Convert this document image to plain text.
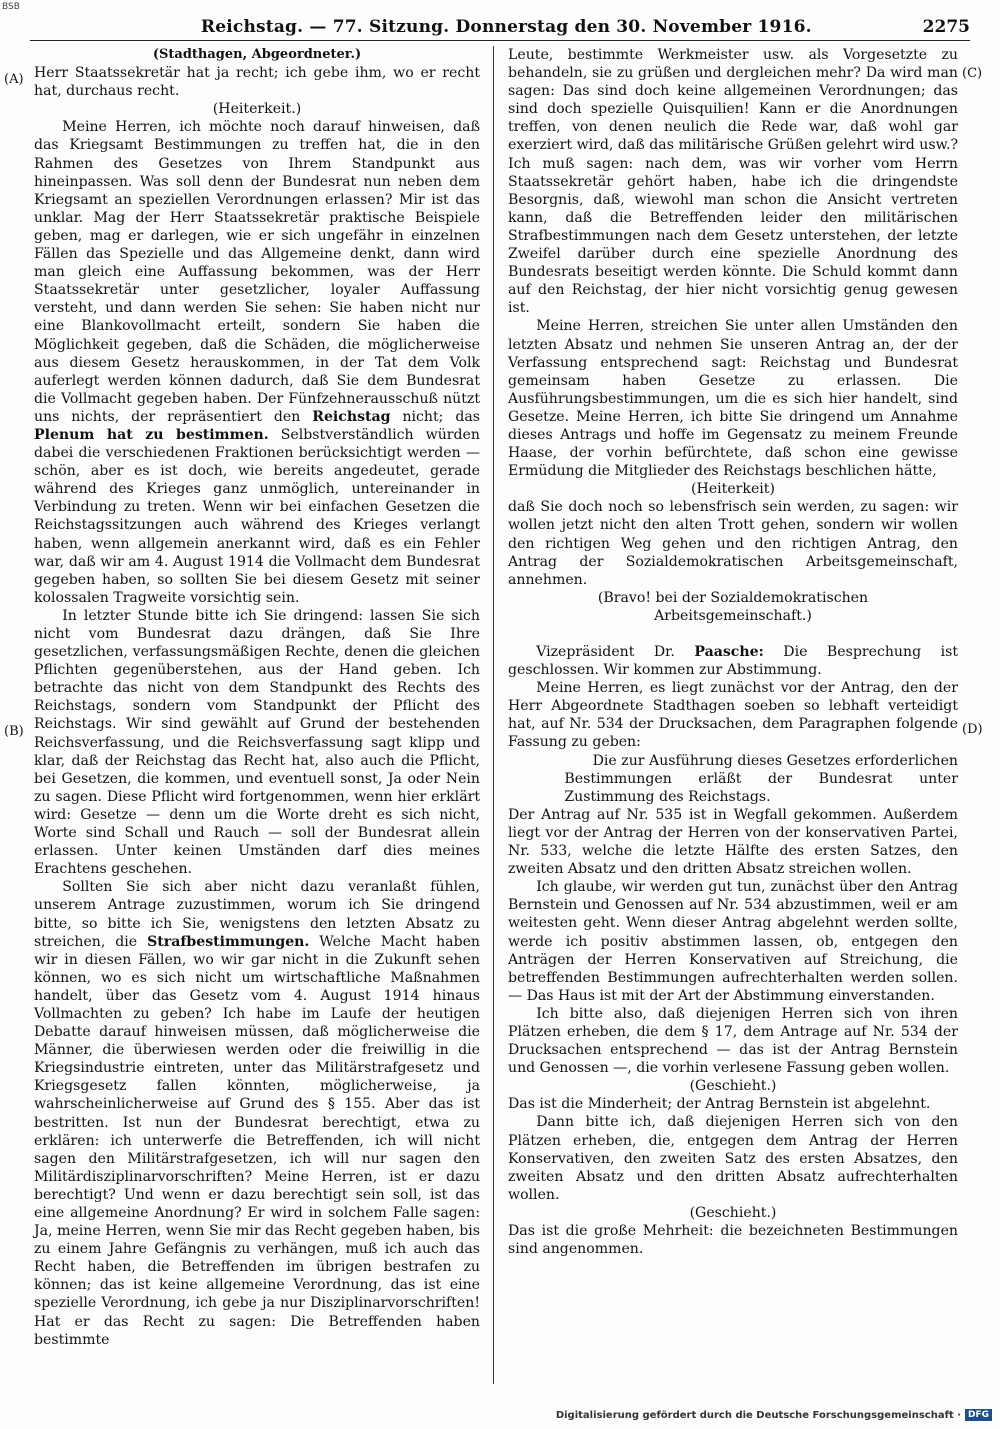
BSB
Reichstag. — 77. Sitzung. Donnerstag den 30. November 1916.	2275
(A)
(B)
(C)
(D)

(Stadthagen, Abgeordneter.)

Herr Staatssekretär hat ja recht; ich gebe ihm, wo er recht hat, durchaus recht.

(Heiterkeit.)

Meine Herren, ich möchte noch darauf hinweisen, daß das Kriegsamt Bestimmungen zu treffen hat, die in den Rahmen des Gesetzes von Ihrem Standpunkt aus hineinpassen. Was soll denn der Bundesrat nun neben dem Kriegsamt an speziellen Verordnungen erlassen? Mir ist das unklar. Mag der Herr Staatssekretär praktische Beispiele geben, mag er darlegen, wie er sich ungefähr in einzelnen Fällen das Spezielle und das Allgemeine denkt, dann wird man gleich eine Auffassung bekommen, was der Herr Staatssekretär unter gesetzlicher, loyaler Auffassung versteht, und dann werden Sie sehen: Sie haben nicht nur eine Blankovollmacht erteilt, sondern Sie haben die Möglichkeit gegeben, daß die Schäden, die möglicherweise aus diesem Gesetz herauskommen, in der Tat dem Volk auferlegt werden können dadurch, daß Sie dem Bundesrat die Vollmacht gegeben haben. Der Fünfzehnerausschuß nützt uns nichts, der repräsentiert den Reichstag nicht; das Plenum hat zu bestimmen. Selbstverständlich würden dabei die verschiedenen Fraktionen berücksichtigt werden — schön, aber es ist doch, wie bereits angedeutet, gerade während des Krieges ganz unmöglich, untereinander in Verbindung zu treten. Wenn wir bei einfachen Gesetzen die Reichstagssitzungen auch während des Krieges verlangt haben, wenn allgemein anerkannt wird, daß es ein Fehler war, daß wir am 4. August 1914 die Vollmacht dem Bundesrat gegeben haben, so sollten Sie bei diesem Gesetz mit seiner kolossalen Tragweite vorsichtig sein.

In letzter Stunde bitte ich Sie dringend: lassen Sie sich nicht vom Bundesrat dazu drängen, daß Sie Ihre gesetzlichen, verfassungsmäßigen Rechte, denen die gleichen Pflichten gegenüberstehen, aus der Hand geben. Ich betrachte das nicht von dem Standpunkt des Rechts des Reichstags, sondern vom Standpunkt der Pflicht des Reichstags. Wir sind gewählt auf Grund der bestehenden Reichsverfassung, und die Reichsverfassung sagt klipp und klar, daß der Reichstag das Recht hat, also auch die Pflicht, bei Gesetzen, die kommen, und eventuell sonst, Ja oder Nein zu sagen. Diese Pflicht wird fortgenommen, wenn hier erklärt wird: Gesetze — denn um die Worte dreht es sich nicht, Worte sind Schall und Rauch — soll der Bundesrat allein erlassen. Unter keinen Umständen darf dies meines Erachtens geschehen.

Sollten Sie sich aber nicht dazu veranlaßt fühlen, unserem Antrage zuzustimmen, worum ich Sie dringend bitte, so bitte ich Sie, wenigstens den letzten Absatz zu streichen, die Strafbestimmungen. Welche Macht haben wir in diesen Fällen, wo wir gar nicht in die Zukunft sehen können, wo es sich nicht um wirtschaftliche Maßnahmen handelt, über das Gesetz vom 4. August 1914 hinaus Vollmachten zu geben? Ich habe im Laufe der heutigen Debatte darauf hinweisen müssen, daß möglicherweise die Männer, die überwiesen werden oder die freiwillig in die Kriegsindustrie eintreten, unter das Militärstrafgesetz und Kriegsgesetz fallen könnten, möglicherweise, ja wahrscheinlicherweise auf Grund des § 155. Aber das ist bestritten. Ist nun der Bundesrat berechtigt, etwa zu erklären: ich unterwerfe die Betreffenden, ich will nicht sagen den Militärstrafgesetzen, ich will nur sagen den Militärdisziplinarvorschriften? Meine Herren, ist er dazu berechtigt? Und wenn er dazu berechtigt sein soll, ist das eine allgemeine Anordnung? Er wird in solchem Falle sagen: Ja, meine Herren, wenn Sie mir das Recht gegeben haben, bis zu einem Jahre Gefängnis zu verhängen, muß ich auch das Recht haben, die Betreffenden im übrigen bestrafen zu können; das ist keine allgemeine Verordnung, das ist eine spezielle Verordnung, ich gebe ja nur Disziplinarvorschriften! Hat er das Recht zu sagen: Die Betreffenden haben bestimmte

Leute, bestimmte Werkmeister usw. als Vorgesetzte zu behandeln, sie zu grüßen und dergleichen mehr? Da wird man sagen: Das sind doch keine allgemeinen Verordnungen; das sind doch spezielle Quisquilien! Kann er die Anordnungen treffen, von denen neulich die Rede war, daß wohl gar exerziert wird, daß das militärische Grüßen gelehrt wird usw.? Ich muß sagen: nach dem, was wir vorher vom Herrn Staatssekretär gehört haben, habe ich die dringendste Besorgnis, daß, wiewohl man schon die Ansicht vertreten kann, daß die Betreffenden leider den militärischen Strafbestimmungen nach dem Gesetz unterstehen, der letzte Zweifel darüber durch eine spezielle Anordnung des Bundesrats beseitigt werden könnte. Die Schuld kommt dann auf den Reichstag, der hier nicht vorsichtig genug gewesen ist.

Meine Herren, streichen Sie unter allen Umständen den letzten Absatz und nehmen Sie unseren Antrag an, der der Verfassung entsprechend sagt: Reichstag und Bundesrat gemeinsam haben Gesetze zu erlassen. Die Ausführungsbestimmungen, um die es sich hier handelt, sind Gesetze. Meine Herren, ich bitte Sie dringend um Annahme dieses Antrags und hoffe im Gegensatz zu meinem Freunde Haase, der vorhin befürchtete, daß schon eine gewisse Ermüdung die Mitglieder des Reichstags beschlichen hätte,

(Heiterkeit)

daß Sie doch noch so lebensfrisch sein werden, zu sagen: wir wollen jetzt nicht den alten Trott gehen, sondern wir wollen den richtigen Weg gehen und den richtigen Antrag, den Antrag der Sozialdemokratischen Arbeitsgemeinschaft, annehmen.

(Bravo! bei der Sozialdemokratischen Arbeitsgemeinschaft.)

Vizepräsident Dr. Paasche: Die Besprechung ist geschlossen. Wir kommen zur Abstimmung.

Meine Herren, es liegt zunächst vor der Antrag, den der Herr Abgeordnete Stadthagen soeben so lebhaft verteidigt hat, auf Nr. 534 der Drucksachen, dem Paragraphen folgende Fassung zu geben:

Die zur Ausführung dieses Gesetzes erforderlichen Bestimmungen erläßt der Bundesrat unter Zustimmung des Reichstags.

Der Antrag auf Nr. 535 ist in Wegfall gekommen. Außerdem liegt vor der Antrag der Herren von der konservativen Partei, Nr. 533, welche die letzte Hälfte des ersten Satzes, den zweiten Absatz und den dritten Absatz streichen wollen.

Ich glaube, wir werden gut tun, zunächst über den Antrag Bernstein und Genossen auf Nr. 534 abzustimmen, weil er am weitesten geht. Wenn dieser Antrag abgelehnt werden sollte, werde ich positiv abstimmen lassen, ob, entgegen den Anträgen der Herren Konservativen auf Streichung, die betreffenden Bestimmungen aufrechterhalten werden sollen. — Das Haus ist mit der Art der Abstimmung einverstanden.

Ich bitte also, daß diejenigen Herren sich von ihren Plätzen erheben, die dem § 17, dem Antrage auf Nr. 534 der Drucksachen entsprechend — das ist der Antrag Bernstein und Genossen —, die vorhin verlesene Fassung geben wollen.

(Geschieht.)

Das ist die Minderheit; der Antrag Bernstein ist abgelehnt.

Dann bitte ich, daß diejenigen Herren sich von den Plätzen erheben, die, entgegen dem Antrag der Herren Konservativen, den zweiten Satz des ersten Absatzes, den zweiten Absatz und den dritten Absatz aufrechterhalten wollen.

(Geschieht.)

Das ist die große Mehrheit: die bezeichneten Bestimmungen sind angenommen.

Digitalisierung gefördert durch die Deutsche Forschungsgemeinschaft · DFG
